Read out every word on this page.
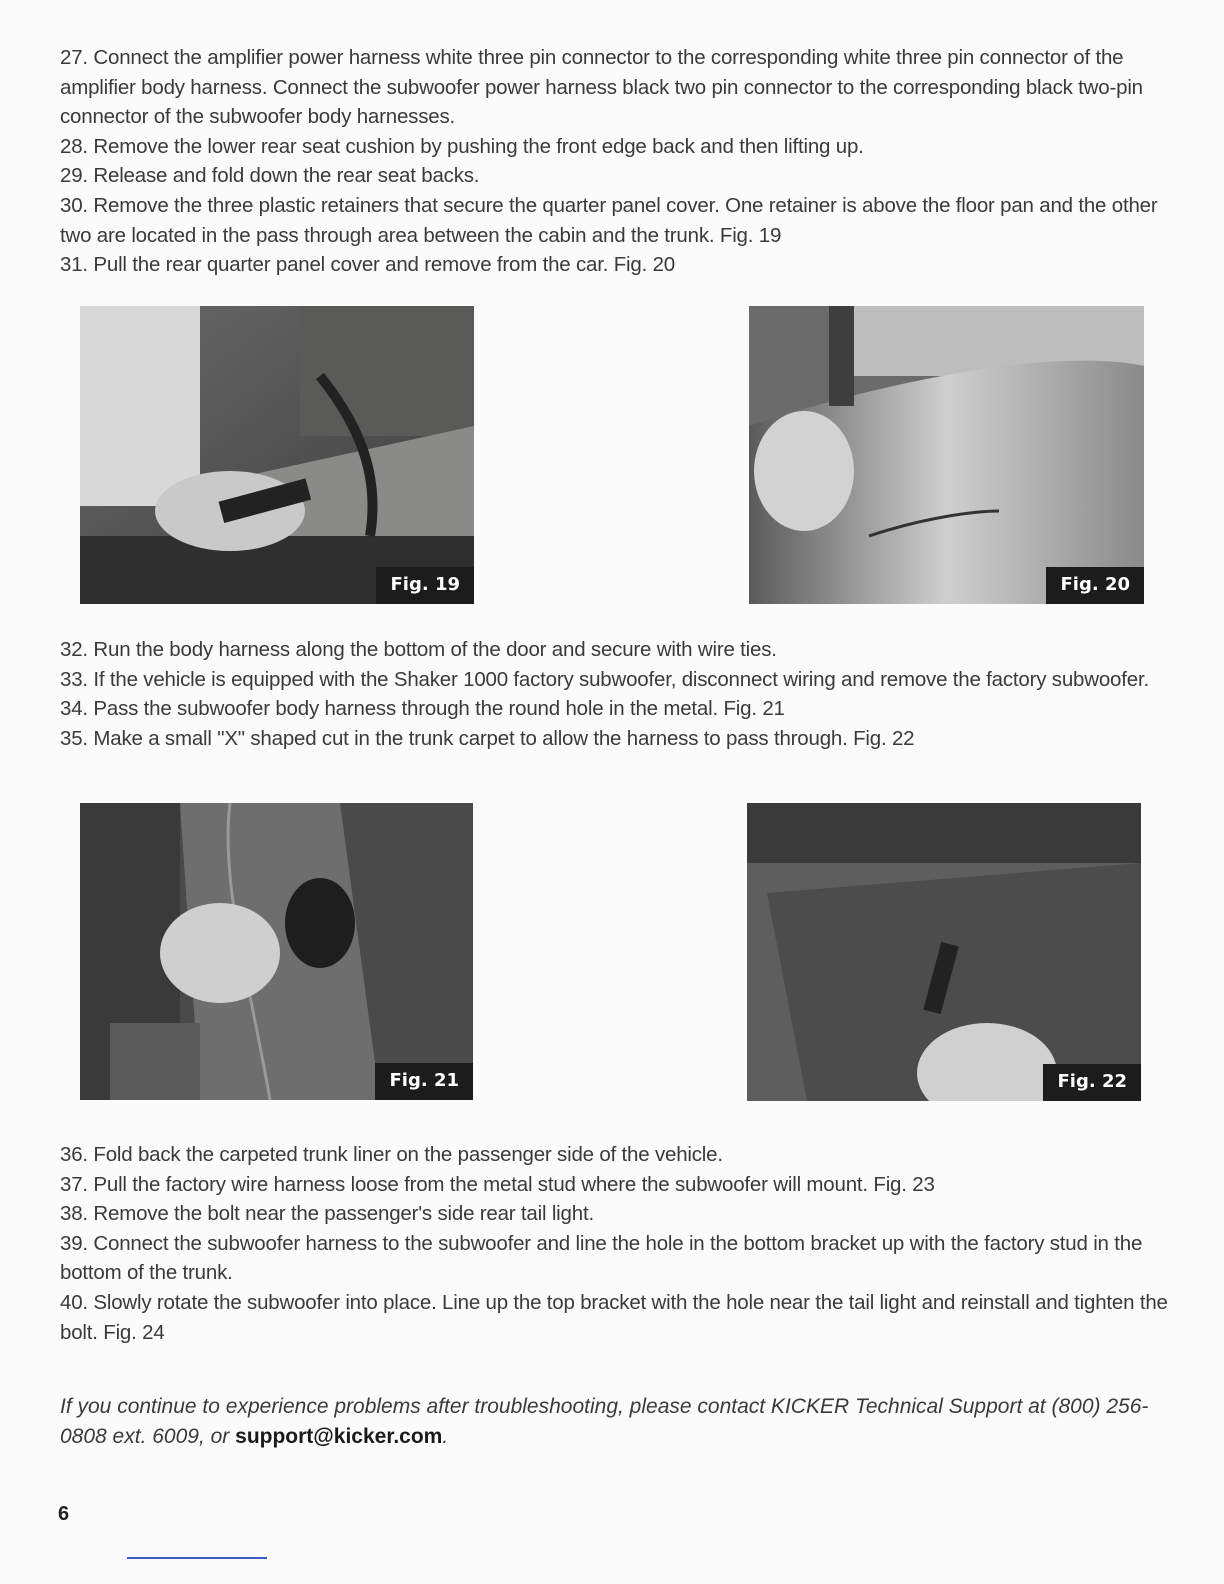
27. Connect the amplifier power harness white three pin connector to the corresponding white three pin connector of the amplifier body harness. Connect the subwoofer power harness black two pin connector to the corresponding black two-pin connector of the subwoofer body harnesses.

28. Remove the lower rear seat cushion by pushing the front edge back and then lifting up.

29. Release and fold down the rear seat backs.

30. Remove the three plastic retainers that secure the quarter panel cover. One retainer is above the floor pan and the other two are located in the pass through area between the cabin and the trunk. Fig. 19

31. Pull the rear quarter panel cover and remove from the car. Fig. 20

Fig. 19	Fig. 20

32. Run the body harness along the bottom of the door and secure with wire ties.

33. If the vehicle is equipped with the Shaker 1000 factory subwoofer, disconnect wiring and remove the factory subwoofer.

34. Pass the subwoofer body harness through the round hole in the metal. Fig. 21

35. Make a small "X" shaped cut in the trunk carpet to allow the harness to pass through. Fig. 22

Fig. 21	Fig. 22

36. Fold back the carpeted trunk liner on the passenger side of the vehicle.

37. Pull the factory wire harness loose from the metal stud where the subwoofer will mount. Fig. 23

38. Remove the bolt near the passenger's side rear tail light.

39. Connect the subwoofer harness to the subwoofer and line the hole in the bottom bracket up with the factory stud in the bottom of the trunk.

40. Slowly rotate the subwoofer into place. Line up the top bracket with the hole near the tail light and reinstall and tighten the bolt. Fig. 24

If you continue to experience problems after troubleshooting, please contact KICKER Technical Support at (800) 256-0808 ext. 6009, or support@kicker.com.
6
